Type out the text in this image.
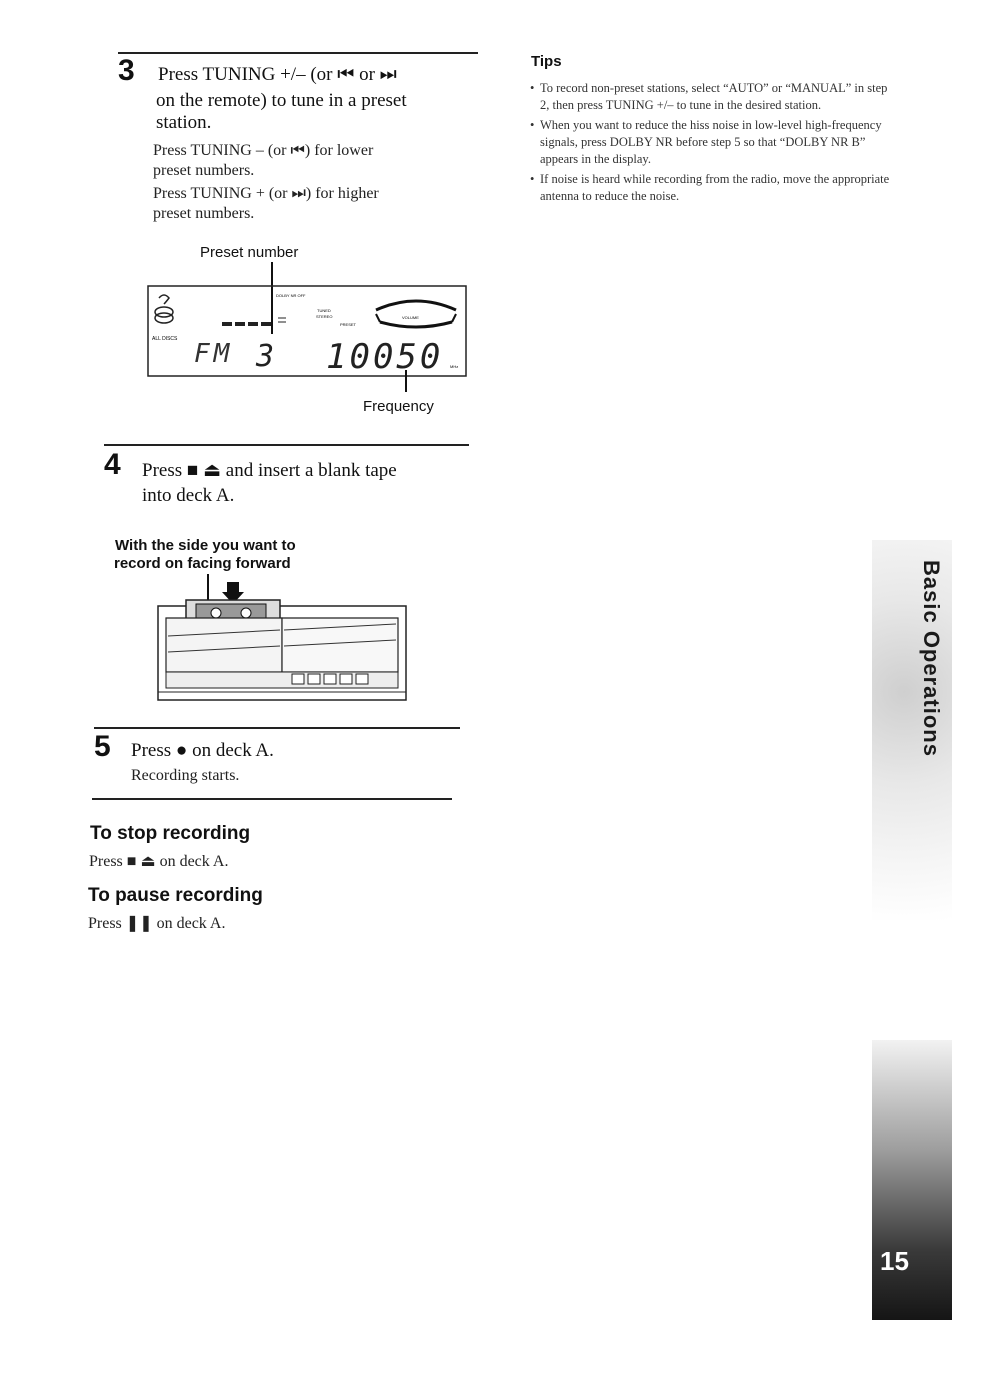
3 Press TUNING +/– (or ⏮ or ⏭
on the remote) to tune in a preset
station.
Press TUNING – (or ⏮) for lower
preset numbers.
Press TUNING + (or ⏭) for higher
preset numbers.
Preset number
DOLBY NR OFF
TUNED
STEREO
PRESET
ALL DISCS
VOLUME
FM 3 10050 MHz
Frequency
4 Press ■ ⏏ and insert a blank tape
into deck A.
With the side you want to
record on facing forward
5 Press ● on deck A.
Recording starts.
To stop recording
Press ■ ⏏ on deck A.
To pause recording
Press ❚❚ on deck A.
Tips
• To record non-preset stations, select “AUTO” or “MANUAL” in step 2, then press TUNING +/– to tune in the desired station.
• When you want to reduce the hiss noise in low-level high-frequency signals, press DOLBY NR before step 5 so that “DOLBY NR B” appears in the display.
• If noise is heard while recording from the radio, move the appropriate antenna to reduce the noise.
Basic Operations
15
